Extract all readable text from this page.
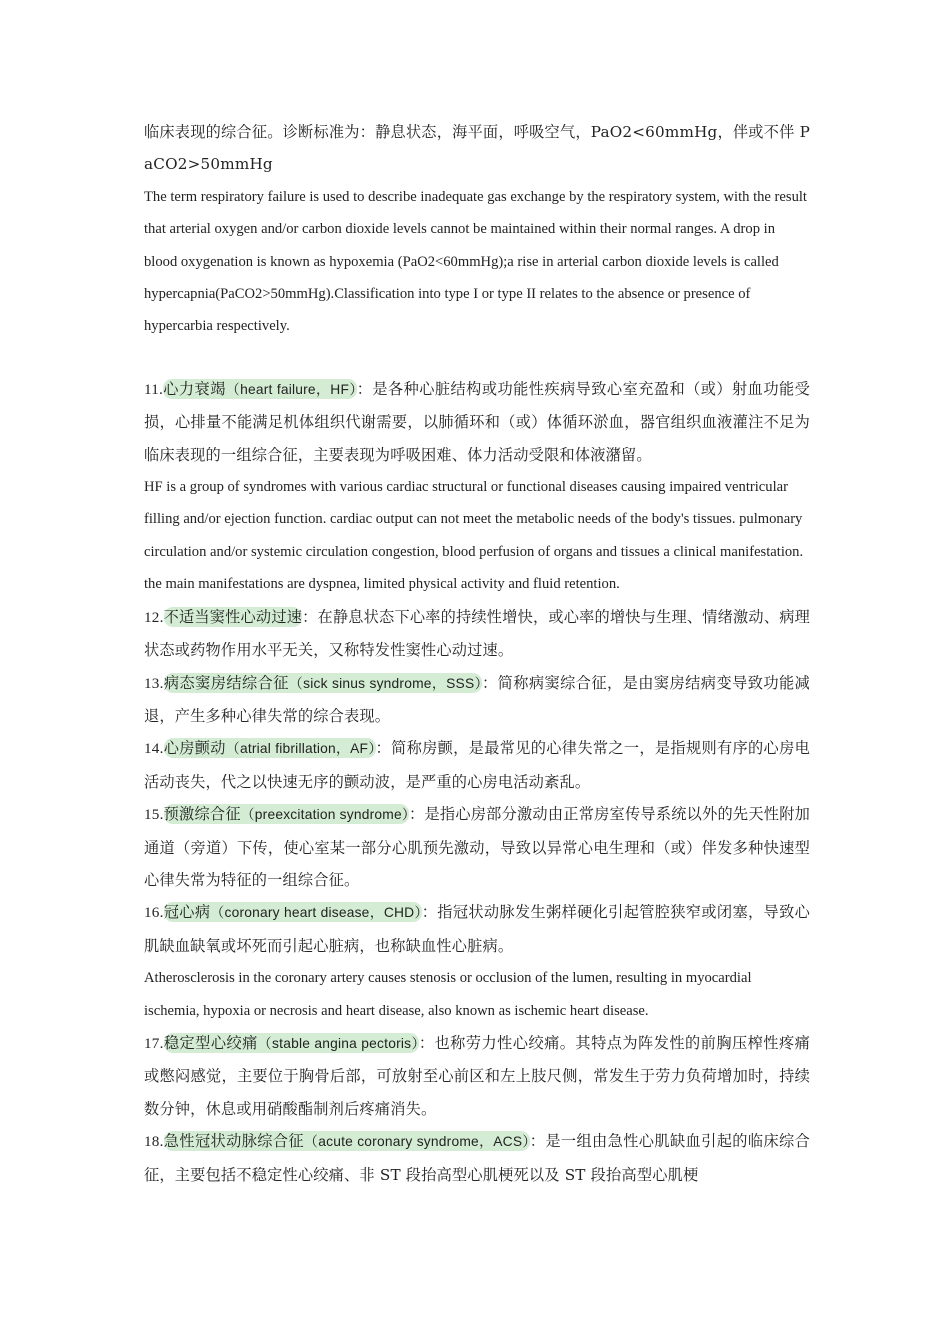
临床表现的综合征。诊断标准为：静息状态，海平面，呼吸空气，PaO2<60mmHg，伴或不伴 PaCO2>50mmHg

The term respiratory failure is used to describe inadequate gas exchange by the respiratory system, with the result that arterial oxygen and/or carbon dioxide levels cannot be maintained within their normal ranges. A drop in blood oxygenation is known as hypoxemia (PaO2<60mmHg);a rise in arterial carbon dioxide levels is called hypercapnia(PaCO2>50mmHg).Classification into type I or type II relates to the absence or presence of hypercarbia respectively.

11.心力衰竭（heart failure，HF）：是各种心脏结构或功能性疾病导致心室充盈和（或）射血功能受损，心排量不能满足机体组织代谢需要，以肺循环和（或）体循环淤血，器官组织血液灌注不足为临床表现的一组综合征，主要表现为呼吸困难、体力活动受限和体液潴留。

HF is a group of syndromes with various cardiac structural or functional diseases causing impaired ventricular filling and/or ejection function. cardiac output can not meet the metabolic needs of the body's tissues. pulmonary circulation and/or systemic circulation congestion, blood perfusion of organs and tissues a clinical manifestation. the main manifestations are dyspnea, limited physical activity and fluid retention.

12.不适当窦性心动过速：在静息状态下心率的持续性增快，或心率的增快与生理、情绪激动、病理状态或药物作用水平无关，又称特发性窦性心动过速。

13.病态窦房结综合征（sick sinus syndrome，SSS）：简称病窦综合征，是由窦房结病变导致功能减退，产生多种心律失常的综合表现。

14.心房颤动（atrial fibrillation，AF）：简称房颤，是最常见的心律失常之一，是指规则有序的心房电活动丧失，代之以快速无序的颤动波，是严重的心房电活动紊乱。

15.预激综合征（preexcitation syndrome）：是指心房部分激动由正常房室传导系统以外的先天性附加通道（旁道）下传，使心室某一部分心肌预先激动，导致以异常心电生理和（或）伴发多种快速型心律失常为特征的一组综合征。

16.冠心病（coronary heart disease，CHD）：指冠状动脉发生粥样硬化引起管腔狭窄或闭塞，导致心肌缺血缺氧或坏死而引起心脏病，也称缺血性心脏病。

Atherosclerosis in the coronary artery causes stenosis or occlusion of the lumen, resulting in myocardial ischemia, hypoxia or necrosis and heart disease, also known as ischemic heart disease.

17.稳定型心绞痛（stable angina pectoris）：也称劳力性心绞痛。其特点为阵发性的前胸压榨性疼痛或憋闷感觉，主要位于胸骨后部，可放射至心前区和左上肢尺侧，常发生于劳力负荷增加时，持续数分钟，休息或用硝酸酯制剂后疼痛消失。

18.急性冠状动脉综合征（acute coronary syndrome，ACS）：是一组由急性心肌缺血引起的临床综合征，主要包括不稳定性心绞痛、非 ST 段抬高型心肌梗死以及 ST 段抬高型心肌梗
